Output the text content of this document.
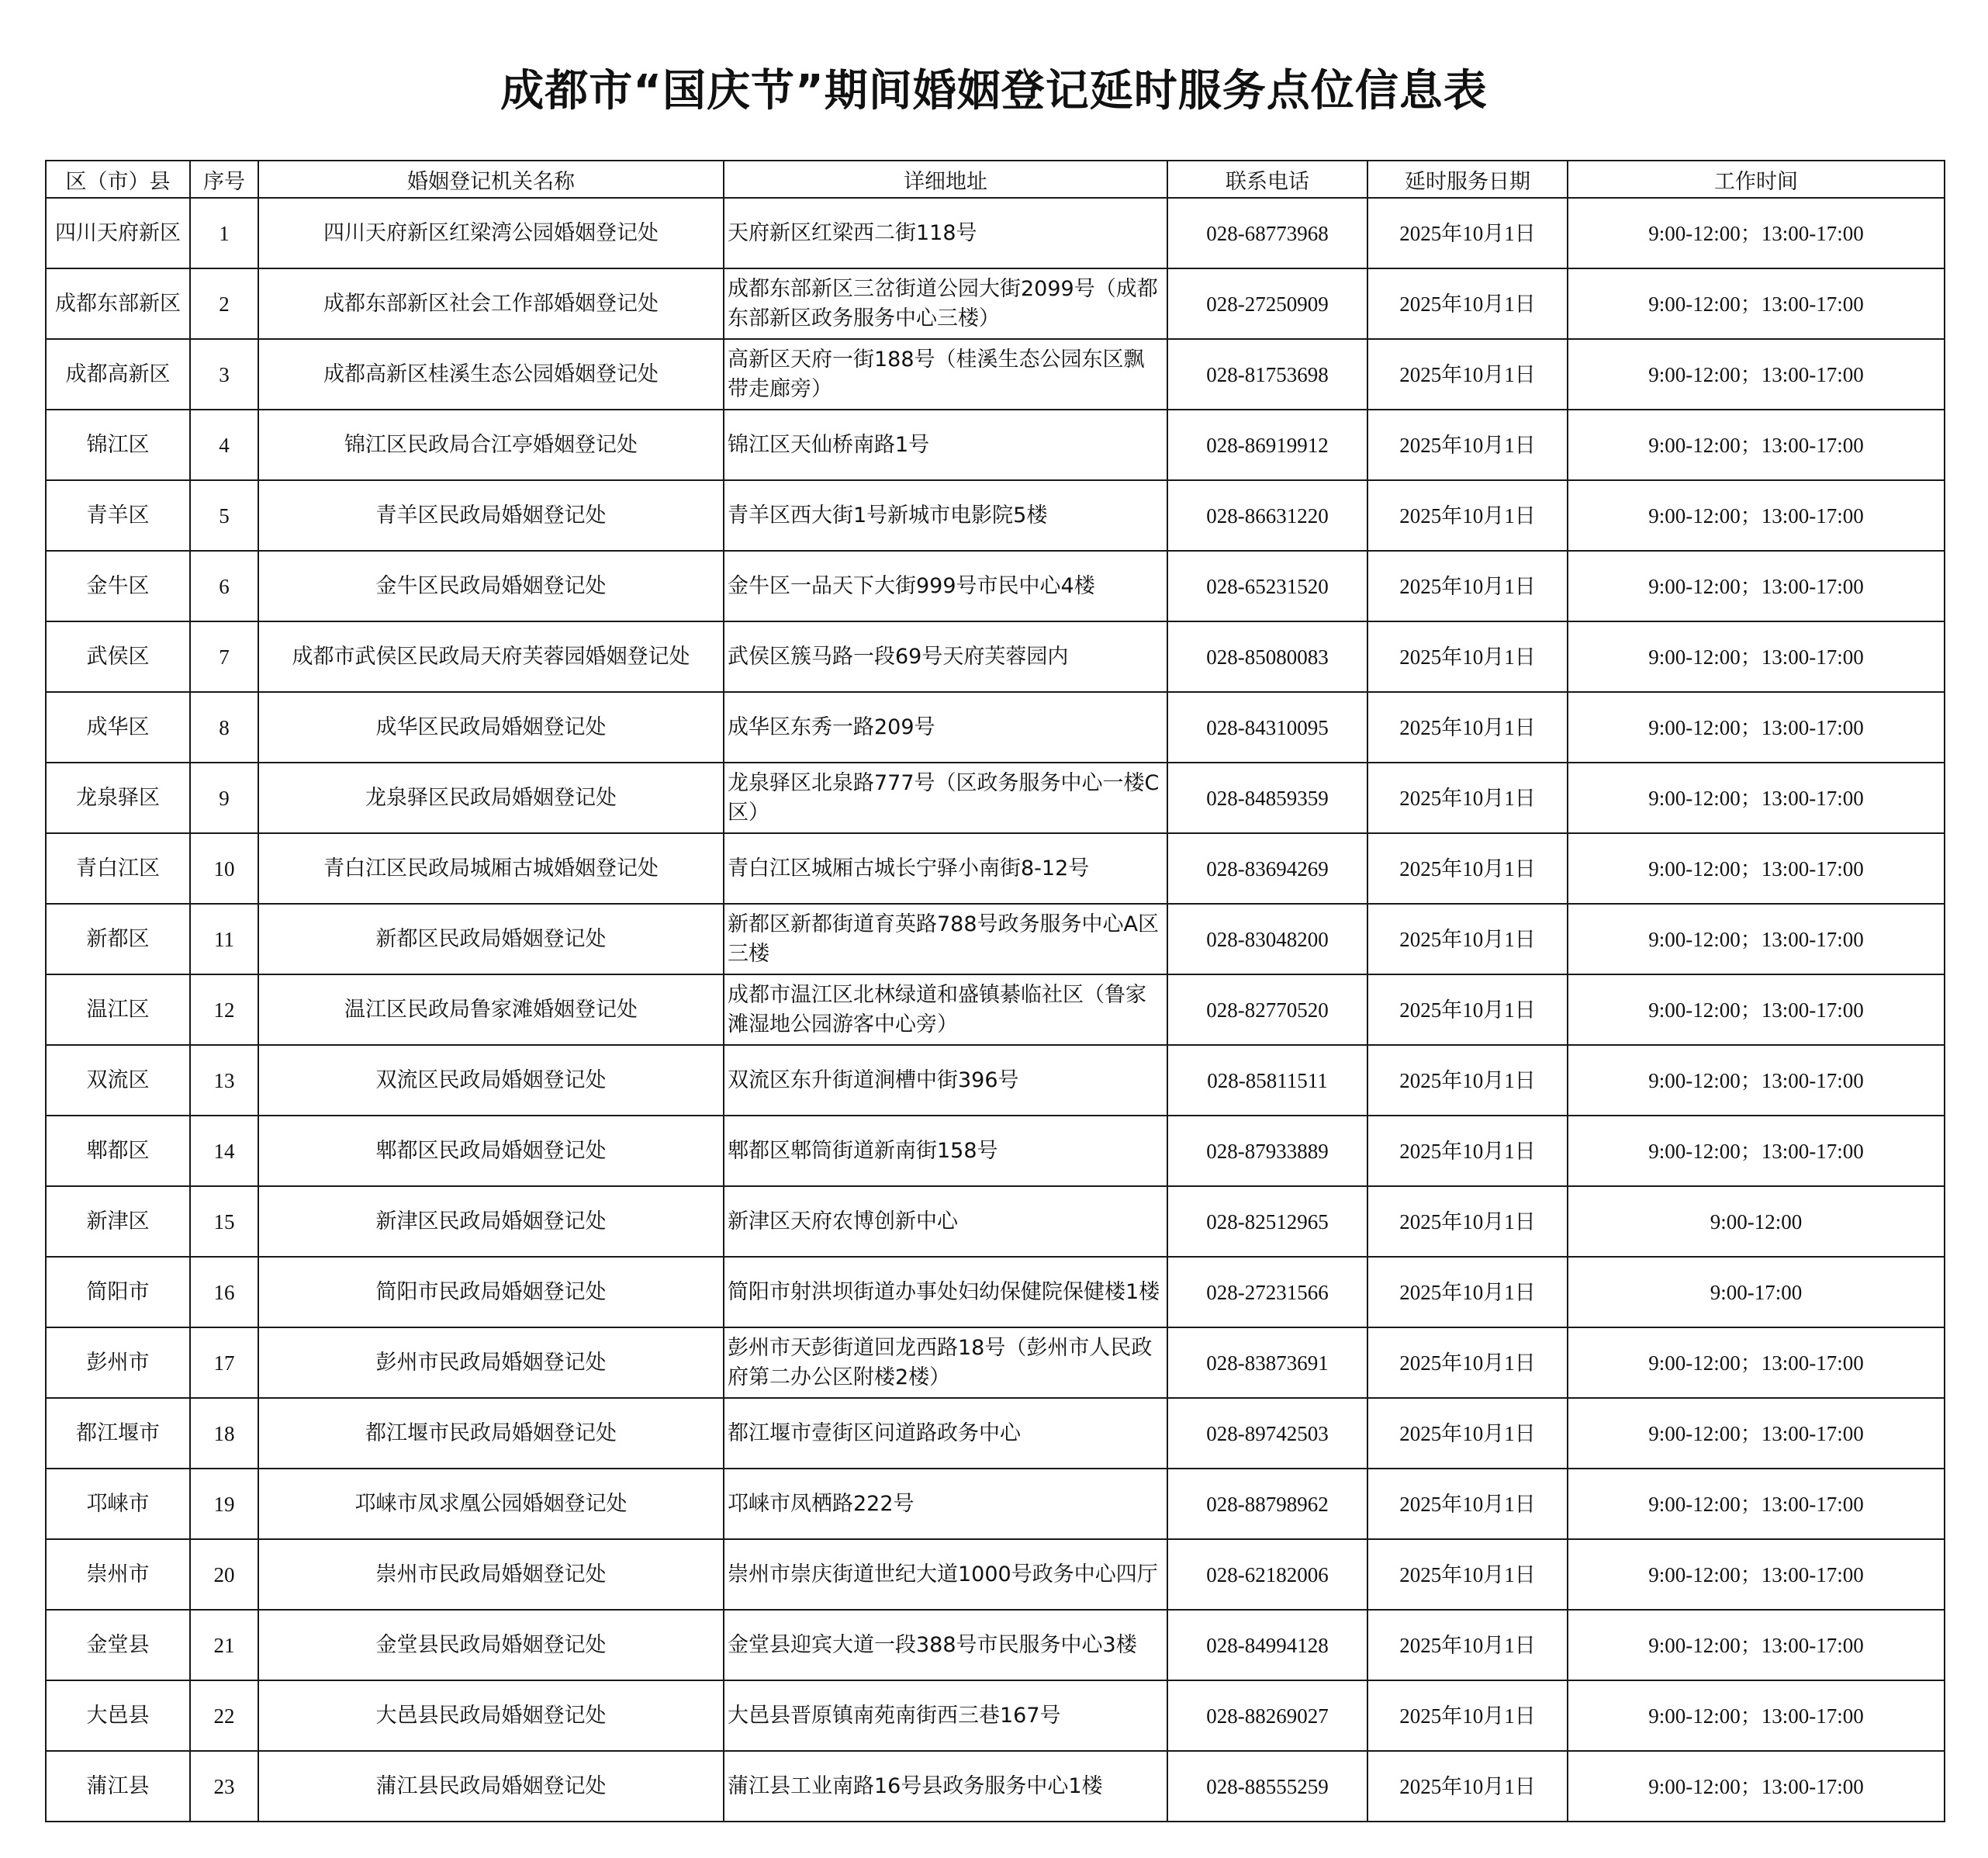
成都市“国庆节”期间婚姻登记延时服务点位信息表
区（市）县	序号	婚姻登记机关名称	详细地址	联系电话	延时服务日期	工作时间
四川天府新区	1	四川天府新区红梁湾公园婚姻登记处	天府新区红梁西二街118号	028-68773968	2025年10月1日	9:00-12:00；13:00-17:00
成都东部新区	2	成都东部新区社会工作部婚姻登记处	成都东部新区三岔街道公园大街2099号（成都东部新区政务服务中心三楼）	028-27250909	2025年10月1日	9:00-12:00；13:00-17:00
成都高新区	3	成都高新区桂溪生态公园婚姻登记处	高新区天府一街188号（桂溪生态公园东区飘带走廊旁）	028-81753698	2025年10月1日	9:00-12:00；13:00-17:00
锦江区	4	锦江区民政局合江亭婚姻登记处	锦江区天仙桥南路1号	028-86919912	2025年10月1日	9:00-12:00；13:00-17:00
青羊区	5	青羊区民政局婚姻登记处	青羊区西大街1号新城市电影院5楼	028-86631220	2025年10月1日	9:00-12:00；13:00-17:00
金牛区	6	金牛区民政局婚姻登记处	金牛区一品天下大街999号市民中心4楼	028-65231520	2025年10月1日	9:00-12:00；13:00-17:00
武侯区	7	成都市武侯区民政局天府芙蓉园婚姻登记处	武侯区簇马路一段69号天府芙蓉园内	028-85080083	2025年10月1日	9:00-12:00；13:00-17:00
成华区	8	成华区民政局婚姻登记处	成华区东秀一路209号	028-84310095	2025年10月1日	9:00-12:00；13:00-17:00
龙泉驿区	9	龙泉驿区民政局婚姻登记处	龙泉驿区北泉路777号（区政务服务中心一楼C区）	028-84859359	2025年10月1日	9:00-12:00；13:00-17:00
青白江区	10	青白江区民政局城厢古城婚姻登记处	青白江区城厢古城长宁驿小南街8-12号	028-83694269	2025年10月1日	9:00-12:00；13:00-17:00
新都区	11	新都区民政局婚姻登记处	新都区新都街道育英路788号政务服务中心A区三楼	028-83048200	2025年10月1日	9:00-12:00；13:00-17:00
温江区	12	温江区民政局鲁家滩婚姻登记处	成都市温江区北林绿道和盛镇綦临社区（鲁家滩湿地公园游客中心旁）	028-82770520	2025年10月1日	9:00-12:00；13:00-17:00
双流区	13	双流区民政局婚姻登记处	双流区东升街道涧槽中街396号	028-85811511	2025年10月1日	9:00-12:00；13:00-17:00
郫都区	14	郫都区民政局婚姻登记处	郫都区郫筒街道新南街158号	028-87933889	2025年10月1日	9:00-12:00；13:00-17:00
新津区	15	新津区民政局婚姻登记处	新津区天府农博创新中心	028-82512965	2025年10月1日	9:00-12:00
简阳市	16	简阳市民政局婚姻登记处	简阳市射洪坝街道办事处妇幼保健院保健楼1楼	028-27231566	2025年10月1日	9:00-17:00
彭州市	17	彭州市民政局婚姻登记处	彭州市天彭街道回龙西路18号（彭州市人民政府第二办公区附楼2楼）	028-83873691	2025年10月1日	9:00-12:00；13:00-17:00
都江堰市	18	都江堰市民政局婚姻登记处	都江堰市壹街区问道路政务中心	028-89742503	2025年10月1日	9:00-12:00；13:00-17:00
邛崃市	19	邛崃市凤求凰公园婚姻登记处	邛崃市凤栖路222号	028-88798962	2025年10月1日	9:00-12:00；13:00-17:00
崇州市	20	崇州市民政局婚姻登记处	崇州市崇庆街道世纪大道1000号政务中心四厅	028-62182006	2025年10月1日	9:00-12:00；13:00-17:00
金堂县	21	金堂县民政局婚姻登记处	金堂县迎宾大道一段388号市民服务中心3楼	028-84994128	2025年10月1日	9:00-12:00；13:00-17:00
大邑县	22	大邑县民政局婚姻登记处	大邑县晋原镇南苑南街西三巷167号	028-88269027	2025年10月1日	9:00-12:00；13:00-17:00
蒲江县	23	蒲江县民政局婚姻登记处	蒲江县工业南路16号县政务服务中心1楼	028-88555259	2025年10月1日	9:00-12:00；13:00-17:00
